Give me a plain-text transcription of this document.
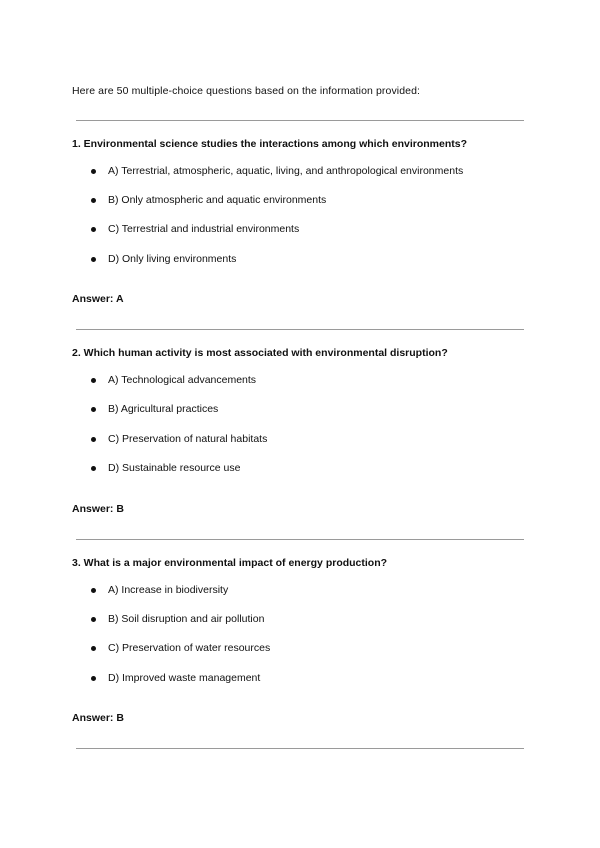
Here are 50 multiple-choice questions based on the information provided:
1. Environmental science studies the interactions among which environments?
A) Terrestrial, atmospheric, aquatic, living, and anthropological environments
B) Only atmospheric and aquatic environments
C) Terrestrial and industrial environments
D) Only living environments
Answer: A
2. Which human activity is most associated with environmental disruption?
A) Technological advancements
B) Agricultural practices
C) Preservation of natural habitats
D) Sustainable resource use
Answer: B
3. What is a major environmental impact of energy production?
A) Increase in biodiversity
B) Soil disruption and air pollution
C) Preservation of water resources
D) Improved waste management
Answer: B
